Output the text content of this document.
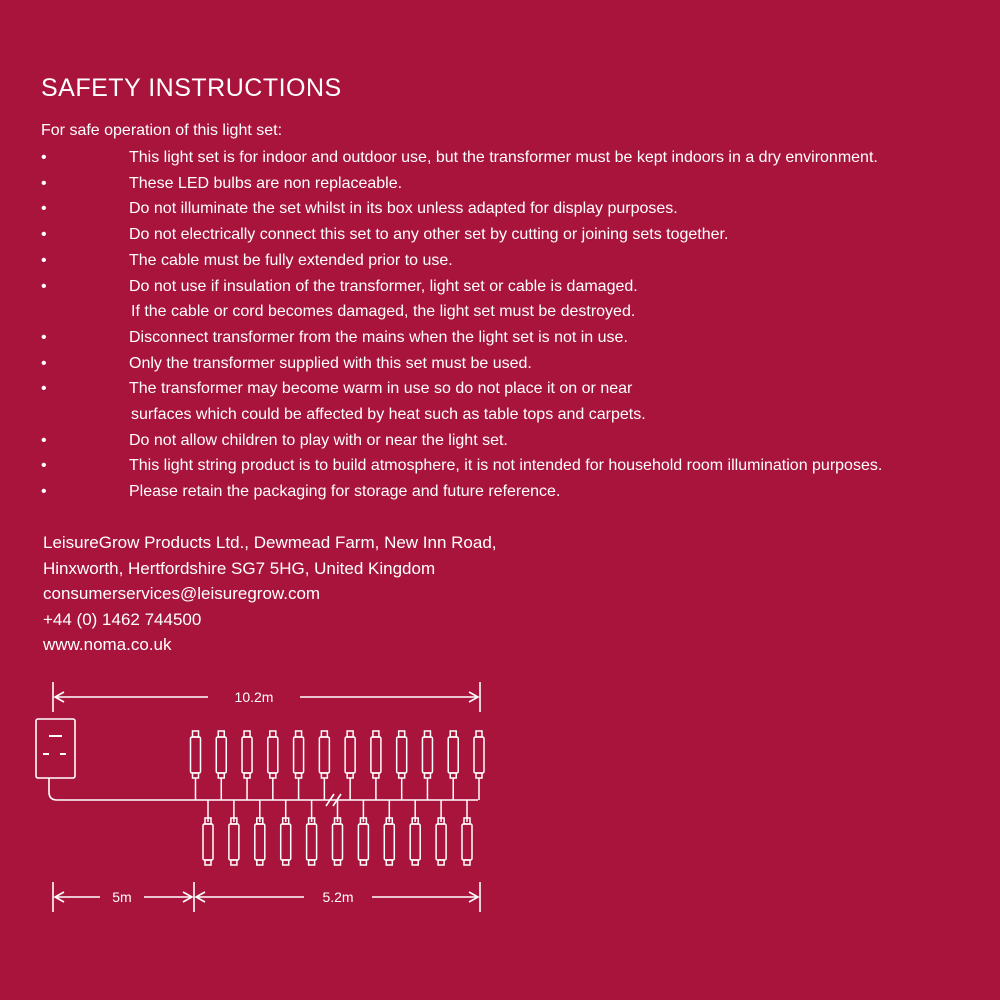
SAFETY INSTRUCTIONS
For safe operation of this light set:
•	This light set is for indoor and outdoor use, but the transformer must be kept indoors in a dry environment.
•	These LED bulbs are non replaceable.
•	Do not illuminate the set whilst in its box unless adapted for display purposes.
•	Do not electrically connect this set to any other set by cutting or joining sets together.
•	The cable must be fully extended prior to use.
•	Do not use if insulation of the transformer, light set or cable is damaged.
If the cable or cord becomes damaged, the light set must be destroyed.
•	Disconnect transformer from the mains when the light set is not in use.
•	Only the transformer supplied with this set must be used.
•	The transformer may become warm in use so do not place it on or near
surfaces which could be affected by heat such as table tops and carpets.
•	Do not allow children to play with or near the light set.
•	This light string product is to build atmosphere, it is not intended for household room illumination purposes.
•	Please retain the packaging for storage and future reference.
LeisureGrow Products Ltd., Dewmead Farm, New Inn Road,
Hinxworth, Hertfordshire SG7 5HG, United Kingdom
consumerservices@leisuregrow.com
+44 (0) 1462 744500
www.noma.co.uk
10.2m
5m	5.2m
